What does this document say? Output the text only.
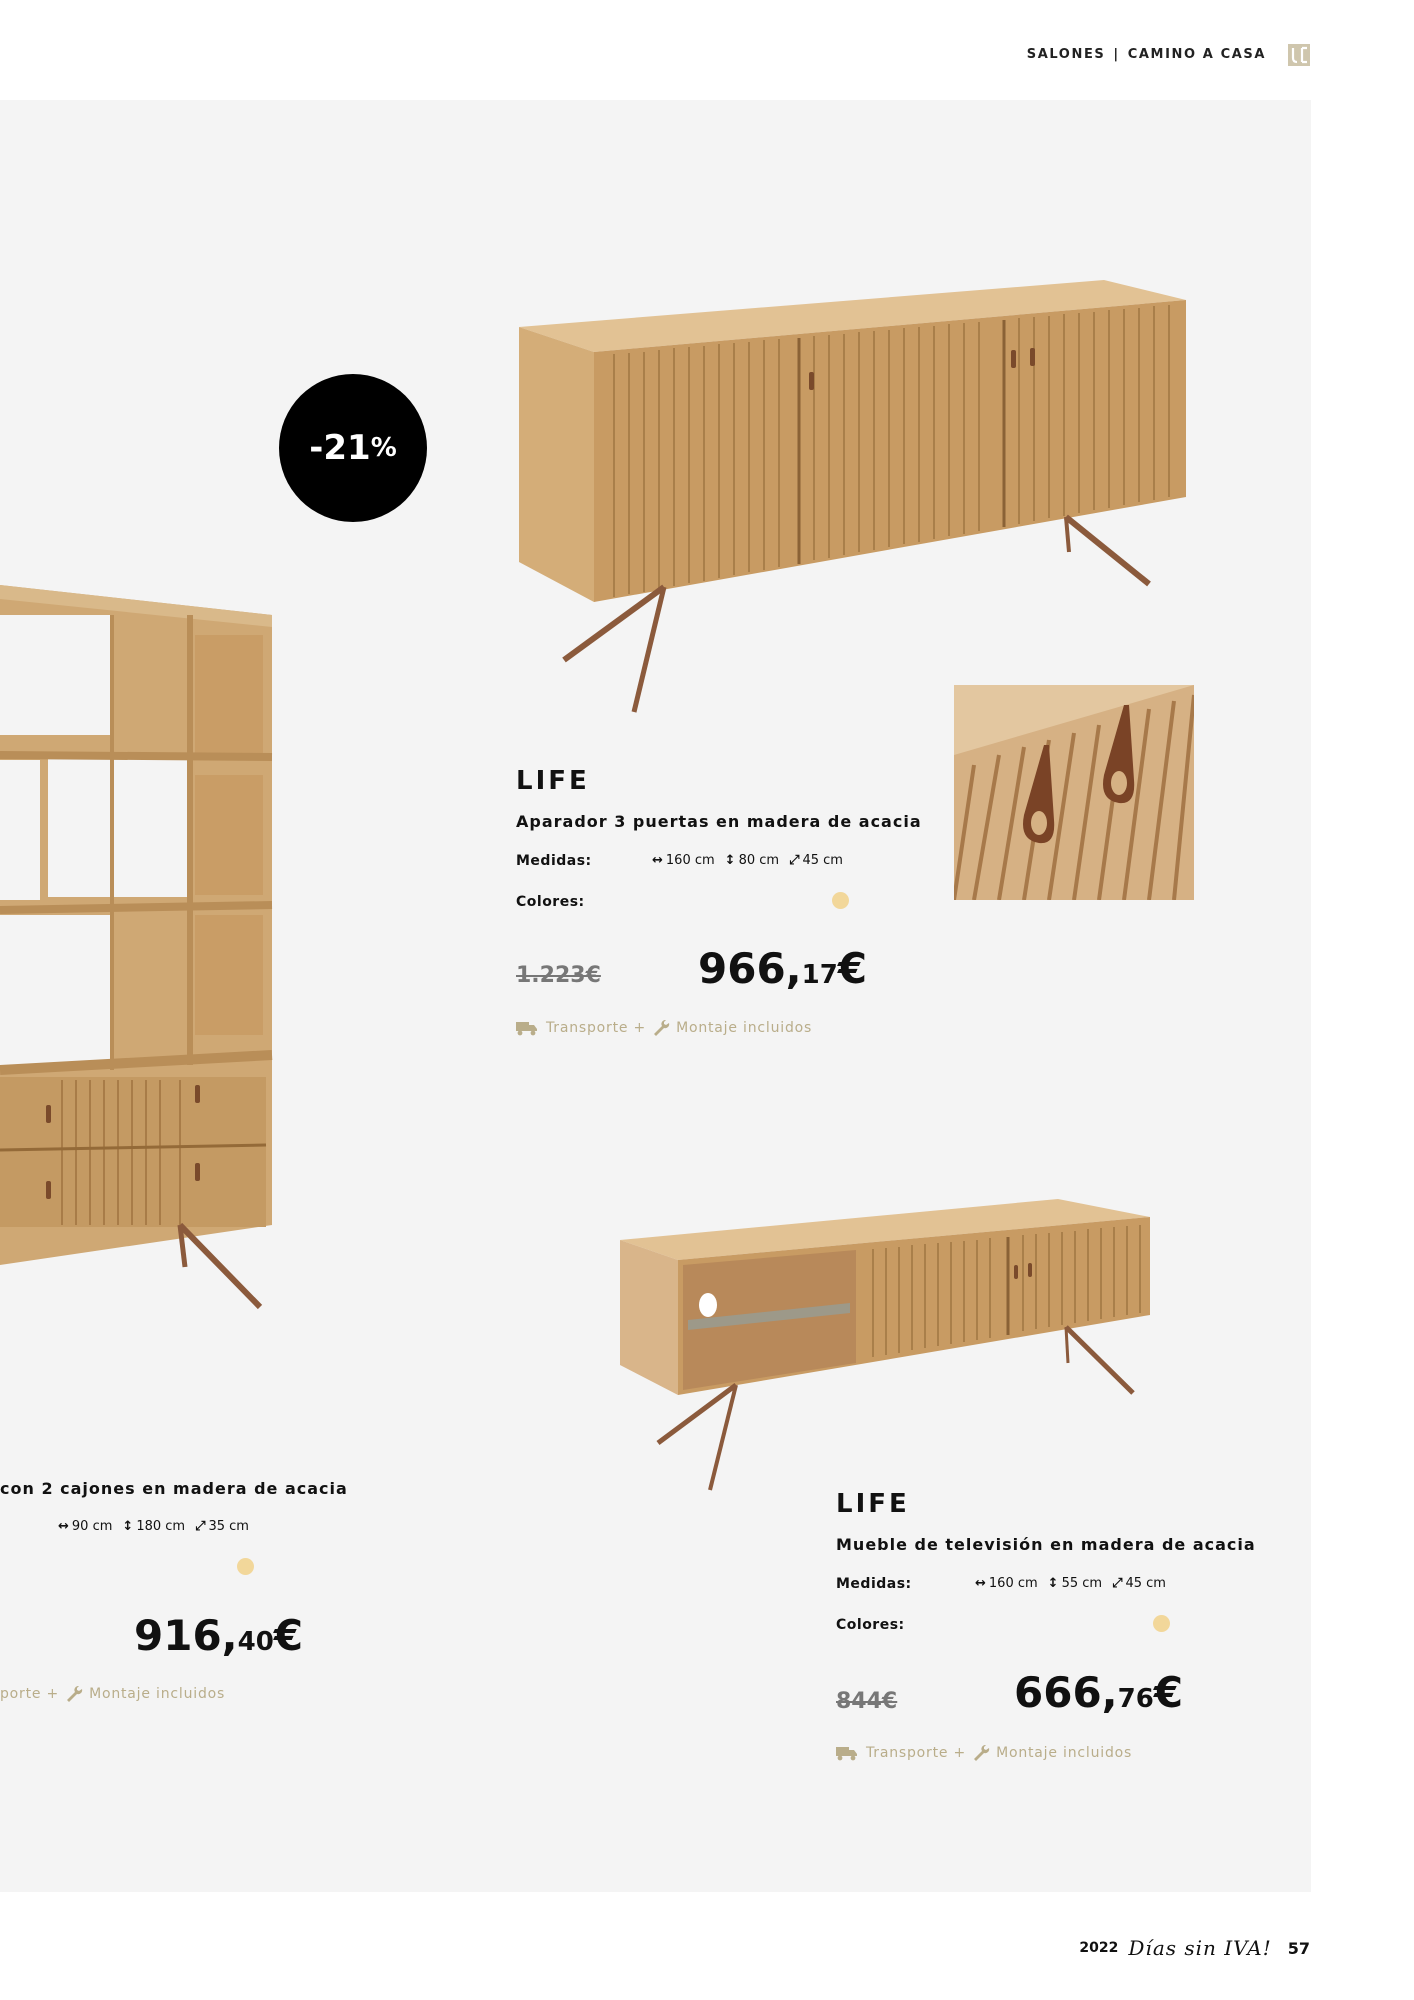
SALONES | CAMINO A CASA
-21 %
LIFE
Aparador 3 puertas en madera de acacia
Medidas:	↔ 160 cm ↕ 80 cm ⤢ 45 cm
Colores:
1.223€ 966,17€
Transporte + Montaje incluidos
con 2 cajones en madera de acacia
↔ 90 cm ↕ 180 cm ⤢ 35 cm
916,40€
porte + Montaje incluidos
LIFE
Mueble de televisión en madera de acacia
Medidas:	↔ 160 cm ↕ 55 cm ⤢ 45 cm
Colores:
844€	666,76€
Transporte + Montaje incluidos
2022 Días sin IVA! 57
